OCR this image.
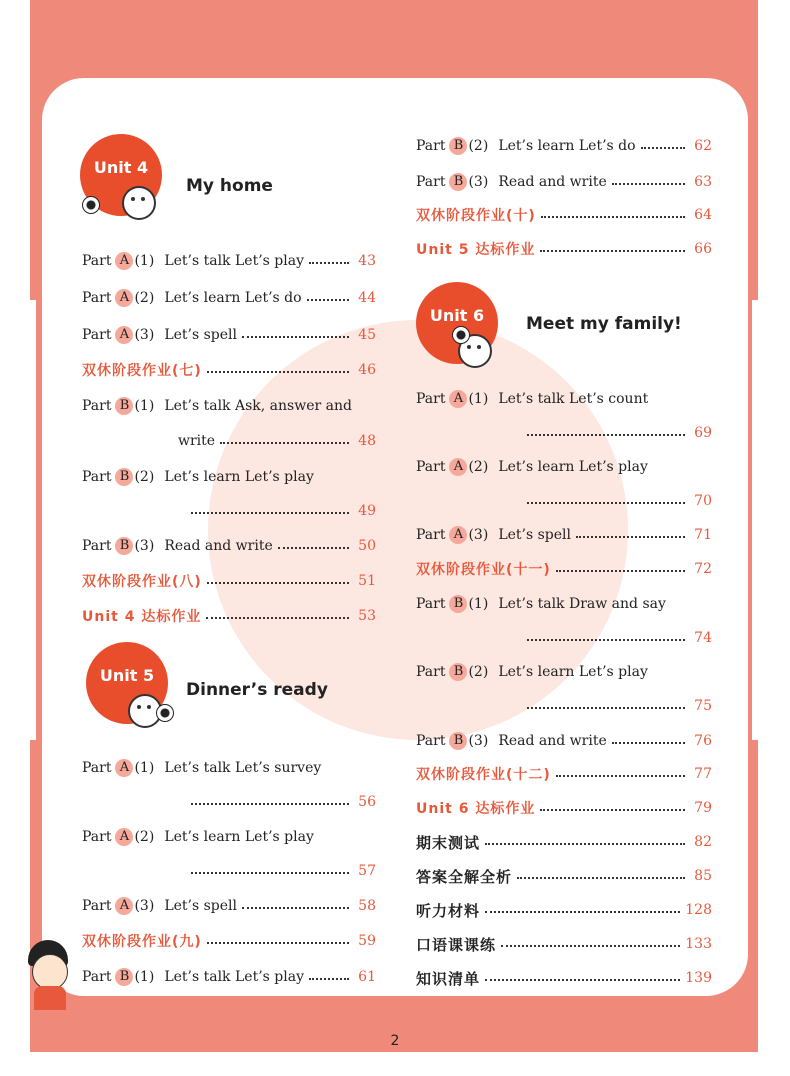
Unit 4
My home
Part A (1) Let’s talk Let’s play	43
Part A (2) Let’s learn Let’s do	44
Part A (3) Let’s spell	45
双休阶段作业(七)	46
Part B (1) Let’s talk Ask, answer and
write	48
Part B (2) Let’s learn Let’s play
49
Part B (3) Read and write	50
双休阶段作业(八)	51
Unit 4 达标作业	53
Unit 5
Dinner’s ready
Part A (1) Let’s talk Let’s survey
56
Part A (2) Let’s learn Let’s play
57
Part A (3) Let’s spell	58
双休阶段作业(九)	59
Part B (1) Let’s talk Let’s play	61
Part B (2) Let’s learn Let’s do	62
Part B (3) Read and write	63
双休阶段作业(十)	64
Unit 5 达标作业	66
Unit 6	Meet my family!
Part A (1) Let’s talk Let’s count
69
Part A (2) Let’s learn Let’s play
70
Part A (3) Let’s spell	71
双休阶段作业(十一)	72
Part B (1) Let’s talk Draw and say
74
Part B (2) Let’s learn Let’s play
75
Part B (3) Read and write	76
双休阶段作业(十二)	77
Unit 6 达标作业	79
期末测试	82
答案全解全析	85
听力材料	128
口语课课练	133
知识清单	139
2
